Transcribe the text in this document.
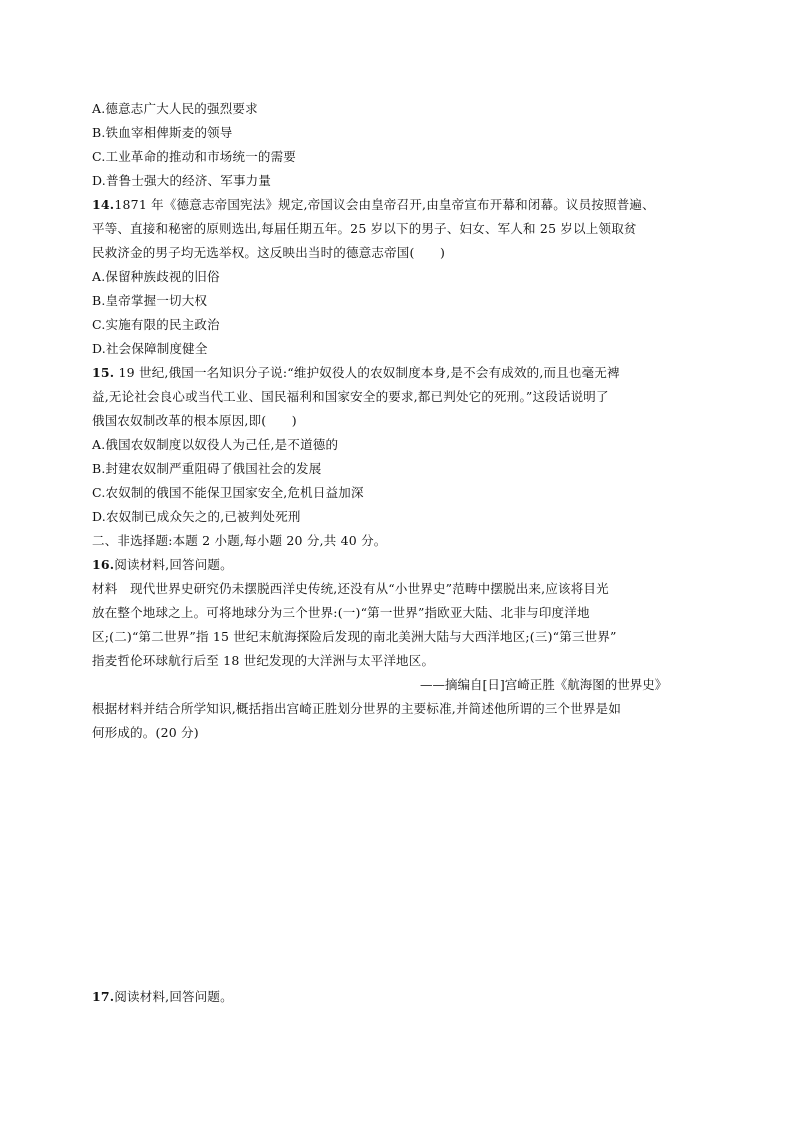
A.德意志广大人民的强烈要求
B.铁血宰相俾斯麦的领导
C.工业革命的推动和市场统一的需要
D.普鲁士强大的经济、军事力量
14.1871 年《德意志帝国宪法》规定,帝国议会由皇帝召开,由皇帝宣布开幕和闭幕。议员按照普遍、
平等、直接和秘密的原则选出,每届任期五年。25 岁以下的男子、妇女、军人和 25 岁以上领取贫
民救济金的男子均无选举权。这反映出当时的德意志帝国(　　)
A.保留种族歧视的旧俗
B.皇帝掌握一切大权
C.实施有限的民主政治
D.社会保障制度健全
15. 19 世纪,俄国一名知识分子说:“维护奴役人的农奴制度本身,是不会有成效的,而且也毫无裨
益,无论社会良心或当代工业、国民福利和国家安全的要求,都已判处它的死刑。”这段话说明了
俄国农奴制改革的根本原因,即(　　)
A.俄国农奴制度以奴役人为己任,是不道德的
B.封建农奴制严重阻碍了俄国社会的发展
C.农奴制的俄国不能保卫国家安全,危机日益加深
D.农奴制已成众矢之的,已被判处死刑
二、非选择题:本题 2 小题,每小题 20 分,共 40 分。
16.阅读材料,回答问题。
材料　现代世界史研究仍未摆脱西洋史传统,还没有从“小世界史”范畴中摆脱出来,应该将目光
放在整个地球之上。可将地球分为三个世界:(一)“第一世界”指欧亚大陆、北非与印度洋地
区;(二)“第二世界”指 15 世纪末航海探险后发现的南北美洲大陆与大西洋地区;(三)“第三世界”
指麦哲伦环球航行后至 18 世纪发现的大洋洲与太平洋地区。
——摘编自[日]宫崎正胜《航海图的世界史》
根据材料并结合所学知识,概括指出宫崎正胜划分世界的主要标准,并简述他所谓的三个世界是如
何形成的。(20 分)
17.阅读材料,回答问题。
